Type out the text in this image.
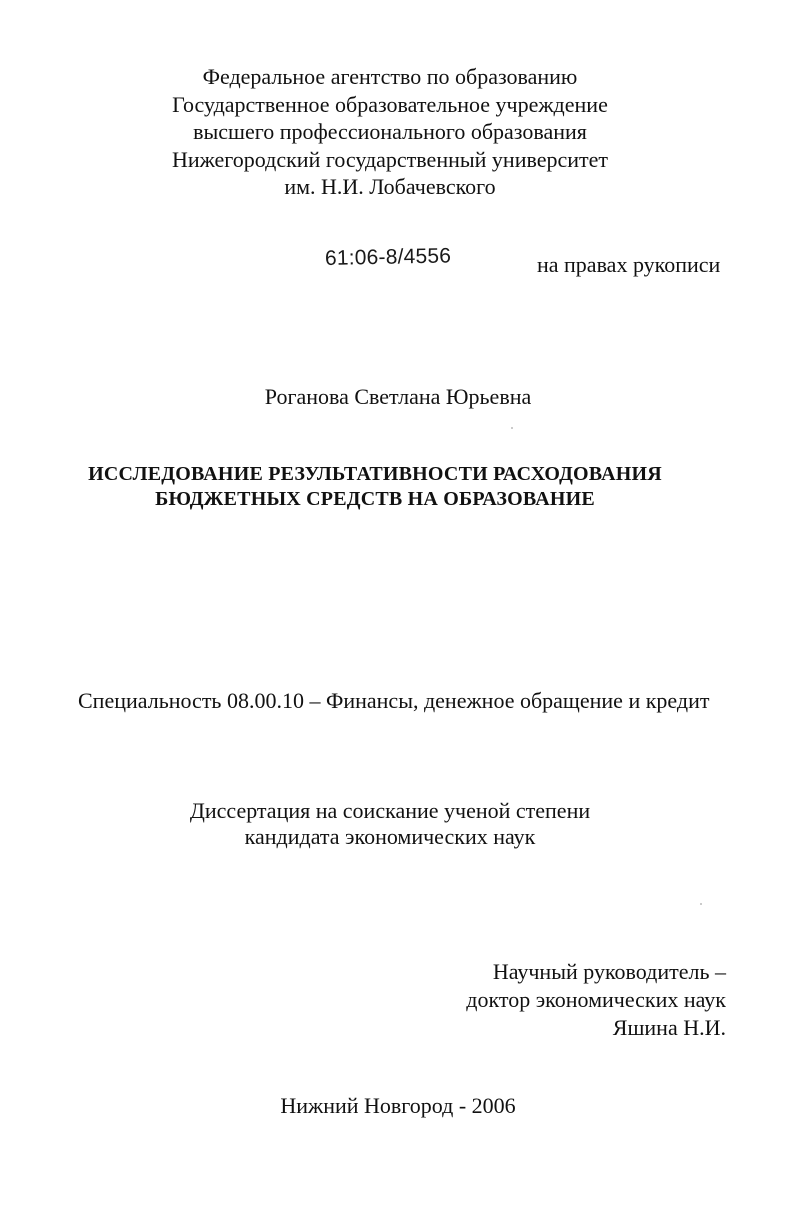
Федеральное агентство по образованию
Государственное образовательное учреждение
высшего профессионального образования
Нижегородский государственный университет
им. Н.И. Лобачевского
61:06-8/4556	на правах рукописи
Роганова Светлана Юрьевна
ИССЛЕДОВАНИЕ РЕЗУЛЬТАТИВНОСТИ РАСХОДОВАНИЯ
БЮДЖЕТНЫХ СРЕДСТВ НА ОБРАЗОВАНИЕ
Специальность 08.00.10 – Финансы, денежное обращение и кредит
Диссертация на соискание ученой степени
кандидата экономических наук
Научный руководитель –
доктор экономических наук
Яшина Н.И.
Нижний Новгород - 2006
